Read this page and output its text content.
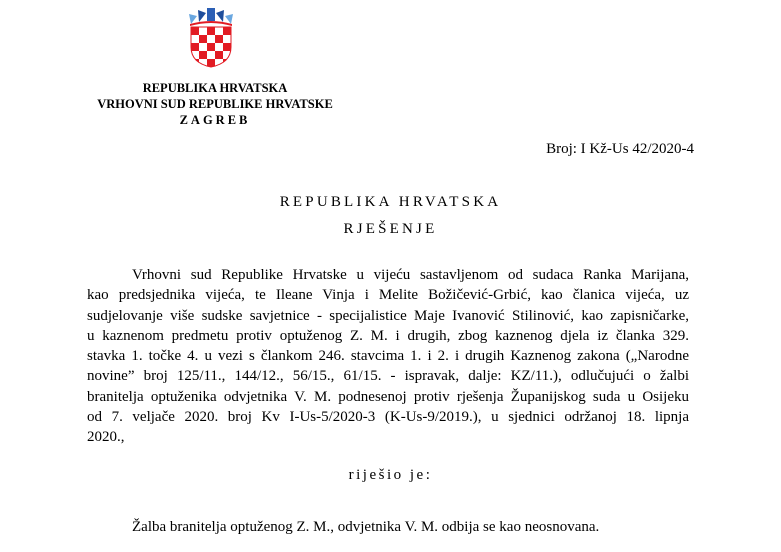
REPUBLIKA HRVATSKA
VRHOVNI SUD REPUBLIKE HRVATSKE
ZAGREB
Broj: I Kž-Us 42/2020-4
REPUBLIKA HRVATSKA
RJEŠENJE
Vrhovni sud Republike Hrvatske u vijeću sastavljenom od sudaca Ranka Marijana,
kao predsjednika vijeća, te Ileane Vinja i Melite Božičević-Grbić, kao članica vijeća, uz
sudjelovanje više sudske savjetnice - specijalistice Maje Ivanović Stilinović, kao zapisničarke,
u kaznenom predmetu protiv optuženog Z. M. i drugih, zbog kaznenog djela iz članka 329.
stavka 1. točke 4. u vezi s člankom 246. stavcima 1. i 2. i drugih Kaznenog zakona („Narodne
novine” broj 125/11., 144/12., 56/15., 61/15. - ispravak, dalje: KZ/11.), odlučujući o žalbi
branitelja optuženika odvjetnika V. M. podnesenoj protiv rješenja Županijskog suda u Osijeku
od 7. veljače 2020. broj Kv I-Us-5/2020-3 (K-Us-9/2019.), u sjednici održanoj 18. lipnja
2020.,
riješio je:
Žalba branitelja optuženog Z. M., odvjetnika V. M. odbija se kao neosnovana.
